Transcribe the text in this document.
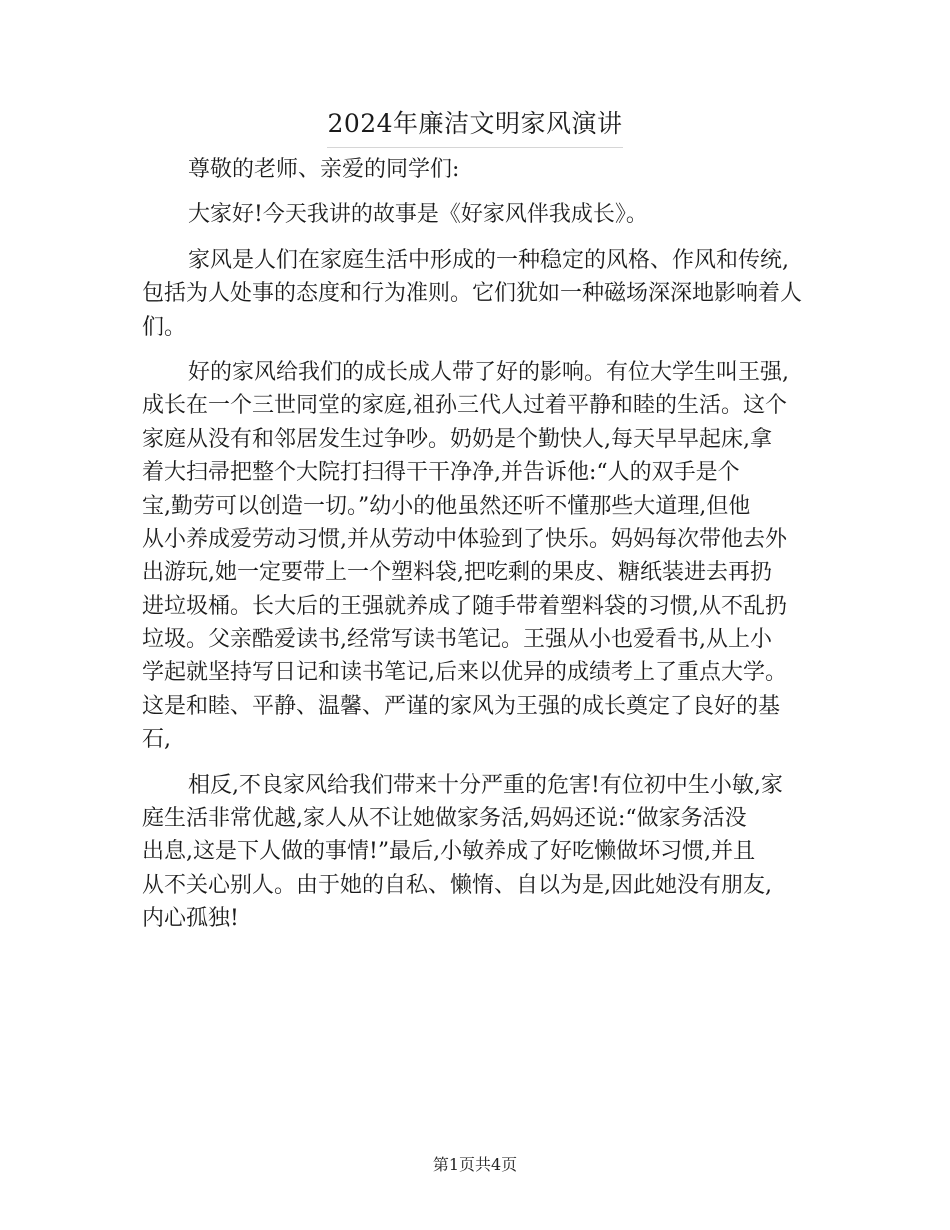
2024年廉洁文明家风演讲
尊敬的老师、亲爱的同学们:
大家好!今天我讲的故事是《好家风伴我成长》。
家风是人们在家庭生活中形成的一种稳定的风格、作风和传统,
包括为人处事的态度和行为准则。它们犹如一种磁场深深地影响着人
们。
好的家风给我们的成长成人带了好的影响。有位大学生叫王强,
成长在一个三世同堂的家庭,祖孙三代人过着平静和睦的生活。这个
家庭从没有和邻居发生过争吵。奶奶是个勤快人,每天早早起床,拿
着大扫帚把整个大院打扫得干干净净,并告诉他:“人的双手是个
宝,勤劳可以创造一切。”幼小的他虽然还听不懂那些大道理,但他
从小养成爱劳动习惯,并从劳动中体验到了快乐。妈妈每次带他去外
出游玩,她一定要带上一个塑料袋,把吃剩的果皮、糖纸装进去再扔
进垃圾桶。长大后的王强就养成了随手带着塑料袋的习惯,从不乱扔
垃圾。父亲酷爱读书,经常写读书笔记。王强从小也爱看书,从上小
学起就坚持写日记和读书笔记,后来以优异的成绩考上了重点大学。
这是和睦、平静、温馨、严谨的家风为王强的成长奠定了良好的基
石,
相反,不良家风给我们带来十分严重的危害!有位初中生小敏,家
庭生活非常优越,家人从不让她做家务活,妈妈还说:“做家务活没
出息,这是下人做的事情!”最后,小敏养成了好吃懒做坏习惯,并且
从不关心别人。由于她的自私、懒惰、自以为是,因此她没有朋友,
内心孤独!
第1页共4页
